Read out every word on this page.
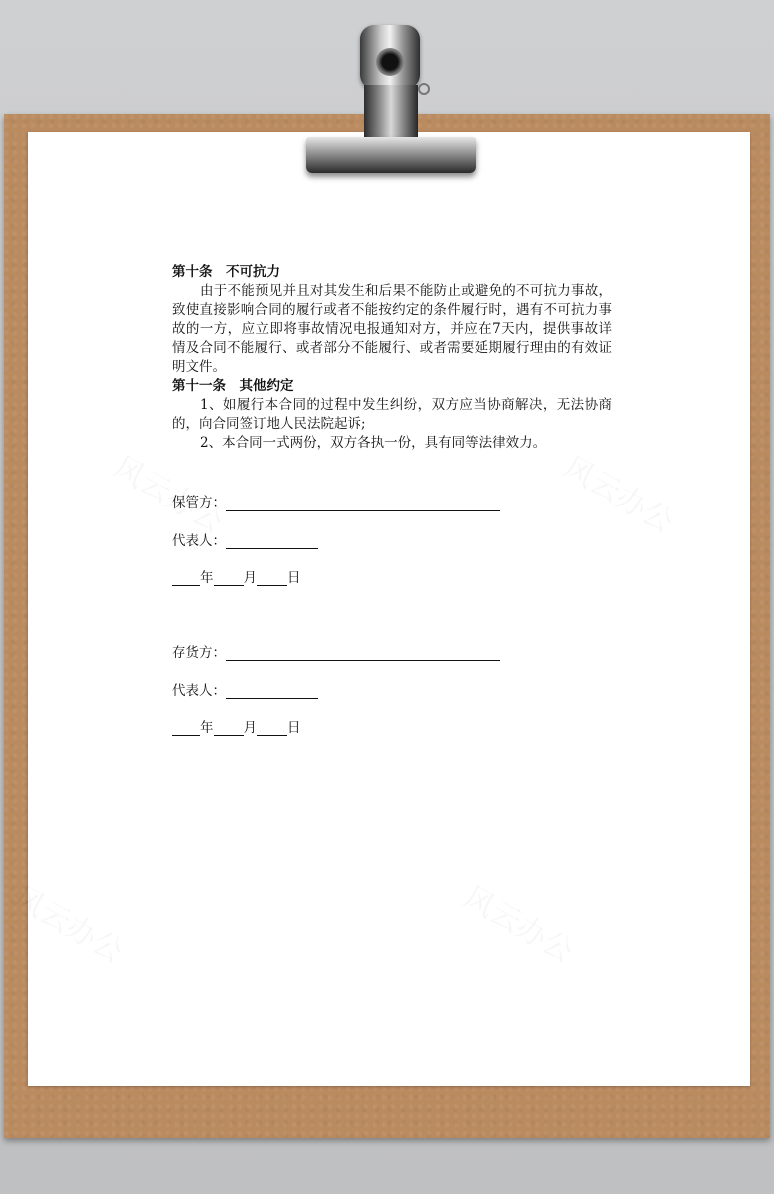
第十条　不可抗力

由于不能预见并且对其发生和后果不能防止或避免的不可抗力事故，致使直接影响合同的履行或者不能按约定的条件履行时，遇有不可抗力事故的一方，应立即将事故情况电报通知对方，并应在7天内，提供事故详情及合同不能履行、或者部分不能履行、或者需要延期履行理由的有效证明文件。

第十一条　其他约定

1、如履行本合同的过程中发生纠纷，双方应当协商解决，无法协商的，向合同签订地人民法院起诉;

2、本合同一式两份，双方各执一份，具有同等法律效力。

保管方：
代表人：
年 月 日
存货方：
代表人：
年 月 日
